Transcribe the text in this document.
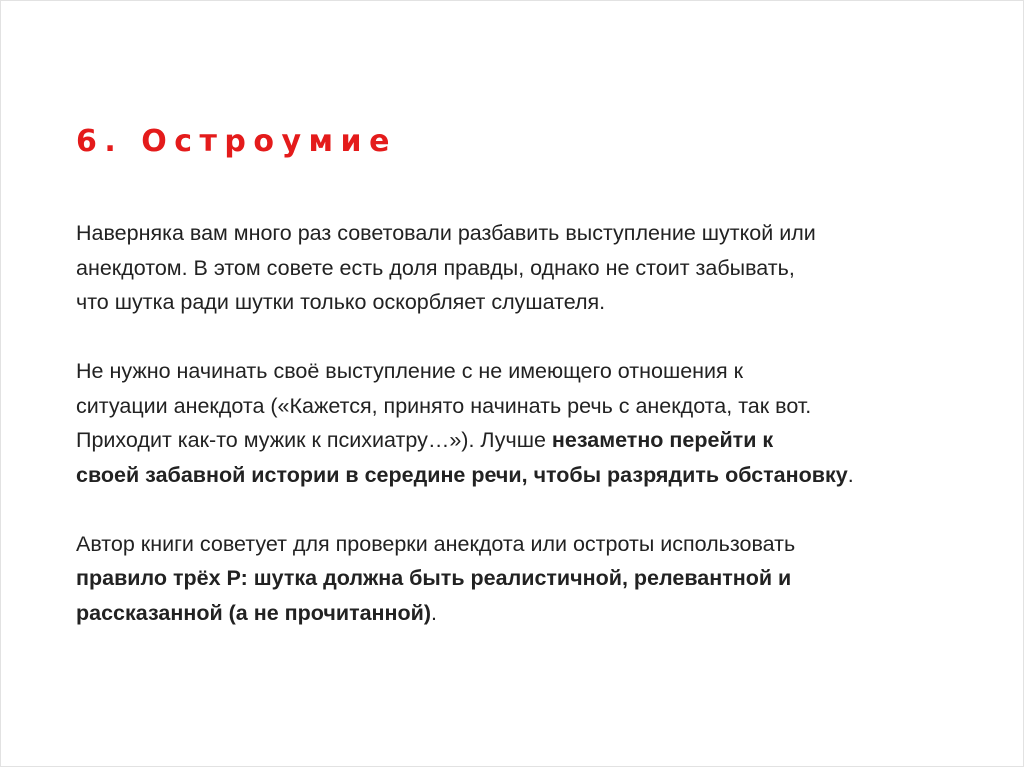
6. Остроумие
Наверняка вам много раз советовали разбавить выступление шуткой или
анекдотом. В этом совете есть доля правды, однако не стоит забывать,
что шутка ради шутки только оскорбляет слушателя.
Не нужно начинать своё выступление с не имеющего отношения к
ситуации анекдота («Кажется, принято начинать речь с анекдота, так вот.
Приходит как-то мужик к психиатру…»). Лучше незаметно перейти к
своей забавной истории в середине речи, чтобы разрядить обстановку.
Автор книги советует для проверки анекдота или остроты использовать
правило трёх Р: шутка должна быть реалистичной, релевантной и
рассказанной (а не прочитанной).
